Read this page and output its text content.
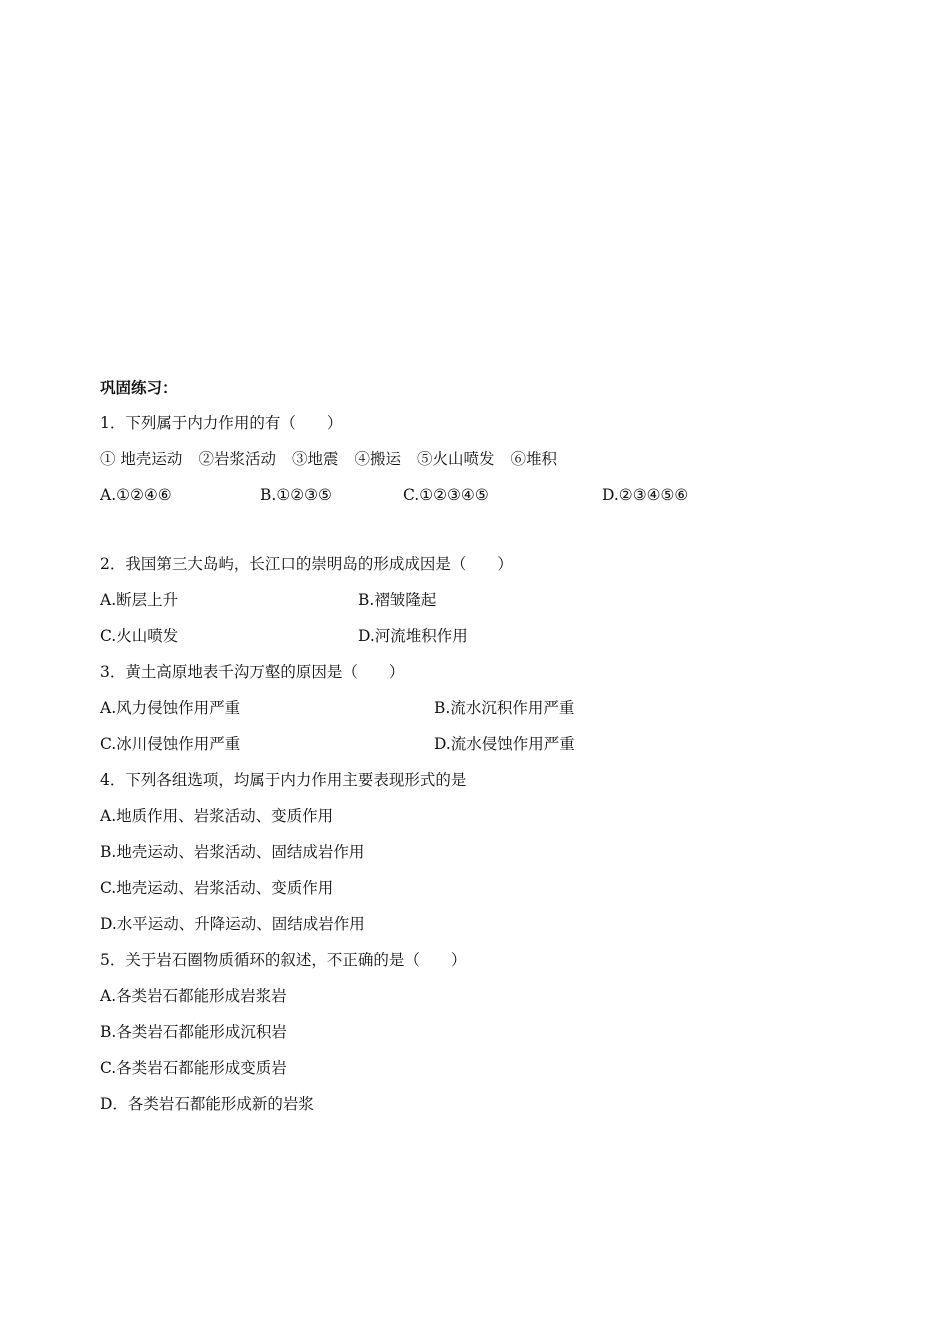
巩固练习：
1．下列属于内力作用的有（　　）
① 地壳运动 ②岩浆活动 ③地震 ④搬运 ⑤火山喷发 ⑥堆积
A.①②④⑥	B.①②③⑤	C.①②③④⑤	D.②③④⑤⑥
2．我国第三大岛屿，长江口的崇明岛的形成成因是（　　）
A.断层上升	B.褶皱隆起
C.火山喷发	D.河流堆积作用
3．黄土高原地表千沟万壑的原因是（　　）
A.风力侵蚀作用严重	B.流水沉积作用严重
C.冰川侵蚀作用严重	D.流水侵蚀作用严重
4．下列各组选项，均属于内力作用主要表现形式的是
A.地质作用、岩浆活动、变质作用
B.地壳运动、岩浆活动、固结成岩作用
C.地壳运动、岩浆活动、变质作用
D.水平运动、升降运动、固结成岩作用
5．关于岩石圈物质循环的叙述，不正确的是（　　）
A.各类岩石都能形成岩浆岩
B.各类岩石都能形成沉积岩
C.各类岩石都能形成变质岩
D．各类岩石都能形成新的岩浆
